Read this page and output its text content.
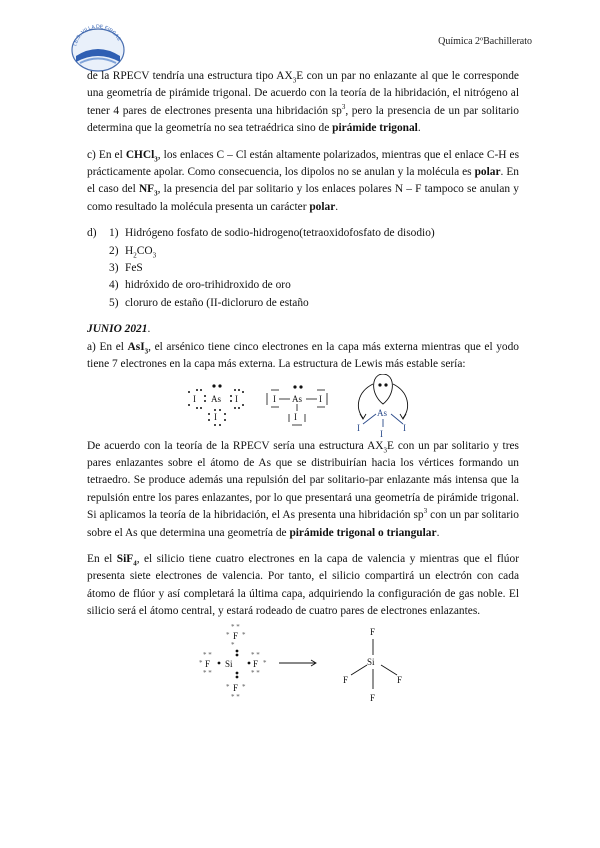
I.E.S. VILLA DE FIRGAS	Química 2ºBachillerato

de la RPECV tendría una estructura tipo $AX_3E$ con un par no enlazante al que le corresponde una geometría de pirámide trigonal. De acuerdo con la teoría de la hibridación, el nitrógeno al tener 4 pares de electrones presenta una hibridación $sp^3$, pero la presencia de un par solitario determina que la geometría no sea tetraédrica sino de pirámide trigonal.

c) En el CHCl$_3$, los enlaces C – Cl están altamente polarizados, mientras que el enlace C-H es prácticamente apolar. Como consecuencia, los dipolos no se anulan y la molécula es polar. En el caso del $NF_3$, la presencia del par solitario y los enlaces polares N – F tampoco se anulan y como resultado la molécula presenta un carácter polar.

d)	1) Hidrógeno fosfato de sodio-hidrogeno(tetraoxidofosfato de disodio)
2) $H_2CO_3$
3) FeS
4) hidróxido de oro-trihidroxido de oro
5) cloruro de estaño (II-dicloruro de estaño

JUNIO 2021.

a) En el AsI$_3$, el arsénico tiene cinco electrones en la capa más externa mientras que el yodo tiene 7 electrones en la capa más externa. La estructura de Lewis más estable sería:

I As I
I
I As I
I	As
I	I
I

De acuerdo con la teoría de la RPECV sería una estructura $AX_3E$ con un par solitario y tres pares enlazantes sobre el átomo de As que se distribuirían hacia los vértices formando un tetraedro. Se produce además una repulsión del par solitario-par enlazante más intensa que la repulsión entre los pares enlazantes, por lo que presentará una geometría de pirámide trigonal. Si aplicamos la teoría de la hibridación, el As presenta una hibridación $sp^3$ con un par solitario sobre el As que determina una geometría de pirámide trigonal o triangular.

En el SiF$_4$, el silicio tiene cuatro electrones en la capa de valencia y mientras que el flúor presenta siete electrones de valencia. Por tanto, el silicio compartirá un electrón con cada átomo de flúor y así completará la última capa, adquiriendo la configuración de gas noble. El silicio será el átomo central, y estará rodeado de cuatro pares de electrones enlazantes.

F
F Si F
F
* *
* *
*
*
* *
* *
*
* *
* *
* *
* *
F
Si
F	F
F
